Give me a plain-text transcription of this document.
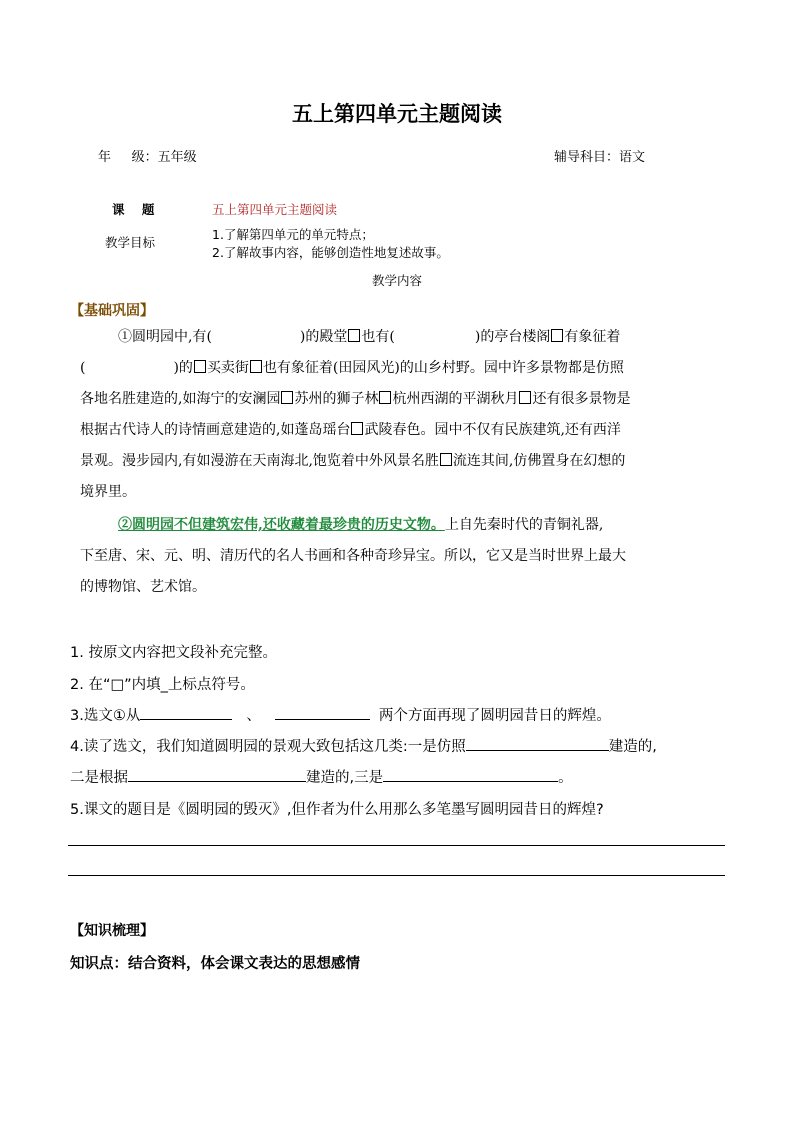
五上第四单元主题阅读
年     级：五年级	辅导科目：语文
课    题	五上第四单元主题阅读
教学目标
1.了解第四单元的单元特点；
2.了解故事内容，能够创造性地复述故事。
教学内容
【基础巩固】
①圆明园中,有(	)的殿堂 也有(	)的亭台楼阁 有象征着
(	)的 买卖街 也有象征着(田园风光)的山乡村野。园中许多景物都是仿照
各地名胜建造的,如海宁的安澜园 苏州的狮子林 杭州西湖的平湖秋月 还有很多景物是
根据古代诗人的诗情画意建造的,如蓬岛瑶台 武陵春色。园中不仅有民族建筑,还有西洋
景观。漫步园内,有如漫游在天南海北,饱览着中外风景名胜 流连其间,仿佛置身在幻想的
境界里。
②圆明园不但建筑宏伟,还收藏着最珍贵的历史文物。上自先秦时代的青铜礼器,
下至唐、宋、元、明、清历代的名人书画和各种奇珍异宝。所以，它又是当时世界上最大
的博物馆、艺术馆。
1. 按原文内容把文段补充完整。
2. 在“□”内填_上标点符号。
3.选文①从	、	两个方面再现了圆明园昔日的辉煌。
4.读了选文，我们知道圆明园的景观大致包括这几类:一是仿照	建造的,
二是根据	建造的,三是	。
5.课文的题目是《圆明园的毁灭》,但作者为什么用那么多笔墨写圆明园昔日的辉煌?
【知识梳理】
知识点：结合资料，体会课文表达的思想感情
